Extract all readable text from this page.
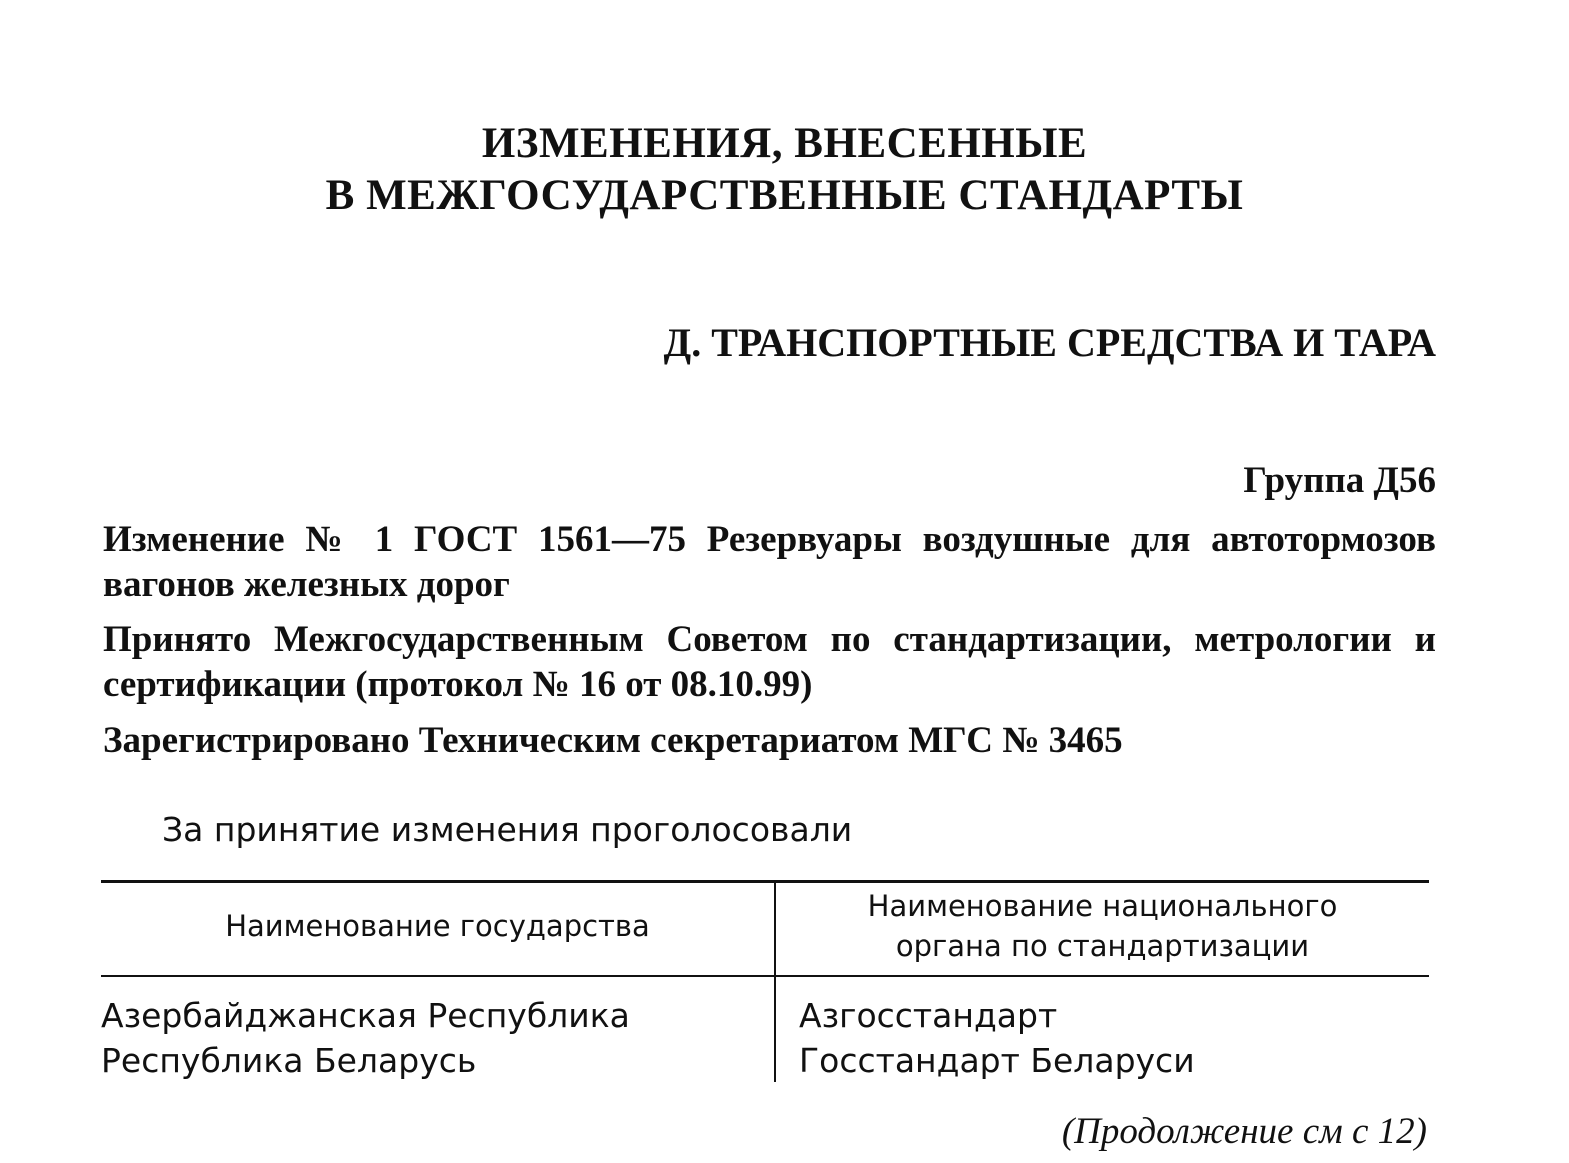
ИЗМЕНЕНИЯ, ВНЕСЕННЫЕ
В МЕЖГОСУДАРСТВЕННЫЕ СТАНДАРТЫ
Д. ТРАНСПОРТНЫЕ СРЕДСТВА И ТАРА
Группа Д56
Изменение № 1 ГОСТ 1561—75 Резервуары воздушные для автотормозов вагонов железных дорог
Принято Межгосударственным Советом по стандартизации, метрологии и сертификации (протокол № 16 от 08.10.99)
Зарегистрировано Техническим секретариатом МГС № 3465
За принятие изменения проголосовали
Наименование государства
Наименование национального
органа по стандартизации
Азербайджанская Республика	Азгосстандарт
Республика Беларусь	Госстандарт Беларуси
(Продолжение см с 12)
